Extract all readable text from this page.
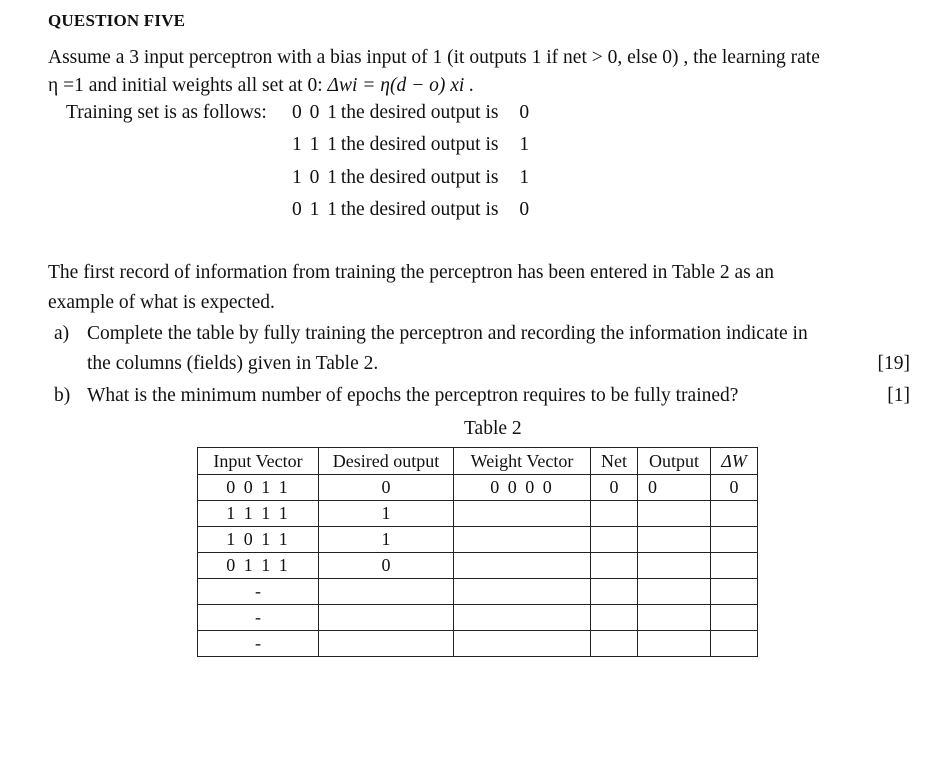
QUESTION FIVE
Assume a 3 input perceptron with a bias input of 1 (it outputs 1 if net > 0, else 0) , the learning rate
η =1 and initial weights all set at 0: Δwi = η(d − o) xi .
Training set is as follows: 0 0 1 the desired output is 0
1 1 1 the desired output is 1
1 0 1 the desired output is 1
0 1 1 the desired output is 0
The first record of information from training the perceptron has been entered in Table 2 as an
example of what is expected.
a) Complete the table by fully training the perceptron and recording the information indicate in
the columns (fields) given in Table 2.	[19]
b) What is the minimum number of epochs the perceptron requires to be fully trained?	[1]
Table 2
Input Vector	Desired output	Weight Vector	Net	Output	ΔW
0 0 1 1	0	0 0 0 0	0	0	0
1 1 1 1	1				
1 0 1 1	1				
0 1 1 1	0				
-					
-					
-					
